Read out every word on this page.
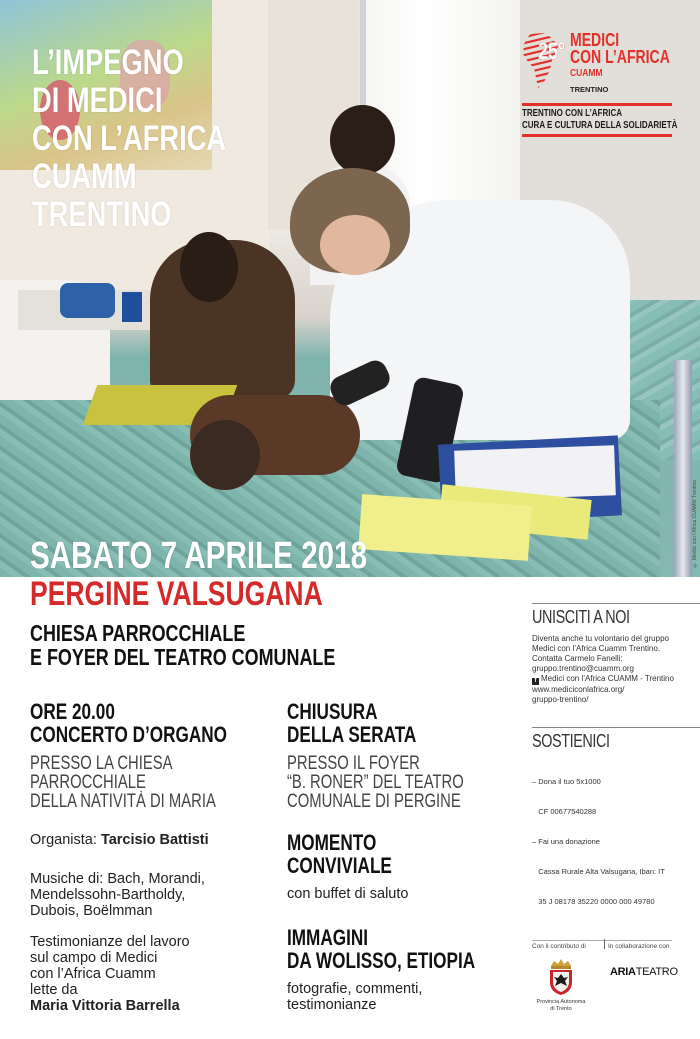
© Medici con l’Africa CUAMM Trentino
L’IMPEGNO
DI MEDICI
CON L’AFRICA
CUAMM
TRENTINO
25° MEDICI
CON L’AFRICA
CUAMM
TRENTINO
TRENTINO CON L’AFRICA
CURA E CULTURA DELLA SOLIDARIETÀ
SABATO 7 APRILE 2018
PERGINE VALSUGANA
CHIESA PARROCCHIALE
E FOYER DEL TEATRO COMUNALE
ORE 20.00
CONCERTO D’ORGANO
PRESSO LA CHIESA
PARROCCHIALE
DELLA NATIVITÀ DI MARIA
Organista: Tarcisio Battisti
Musiche di: Bach, Morandi,
Mendelssohn-Bartholdy,
Dubois, Boëlmman
Testimonianze del lavoro
sul campo di Medici
con l’Africa Cuamm
lette da
Maria Vittoria Barrella
CHIUSURA
DELLA SERATA
PRESSO IL FOYER
“B. RONER” DEL TEATRO
COMUNALE DI PERGINE
MOMENTO
CONVIVIALE
con buffet di saluto
IMMAGINI
DA WOLISSO, ETIOPIA
fotografie, commenti,
testimonianze
UNISCITI A NOI
Diventa anche tu volontario del gruppo
Medici con l’Africa Cuamm Trentino.
Contatta Carmelo Fanelli:
gruppo.trentino@cuamm.org
f Medici con l’Africa CUAMM - Trentino
www.mediciconlafrica.org/
gruppo-trentino/
SOSTIENICI

– Dona il tuo 5x1000

CF 00677540288

– Fai una donazione

Cassa Rurale Alta Valsugana, Iban: IT

35 J 08178 35220 0000 000 49780

Con il contributo di	In collaborazione con
Provincia Autonoma
di Trento
ARIATEATRO
